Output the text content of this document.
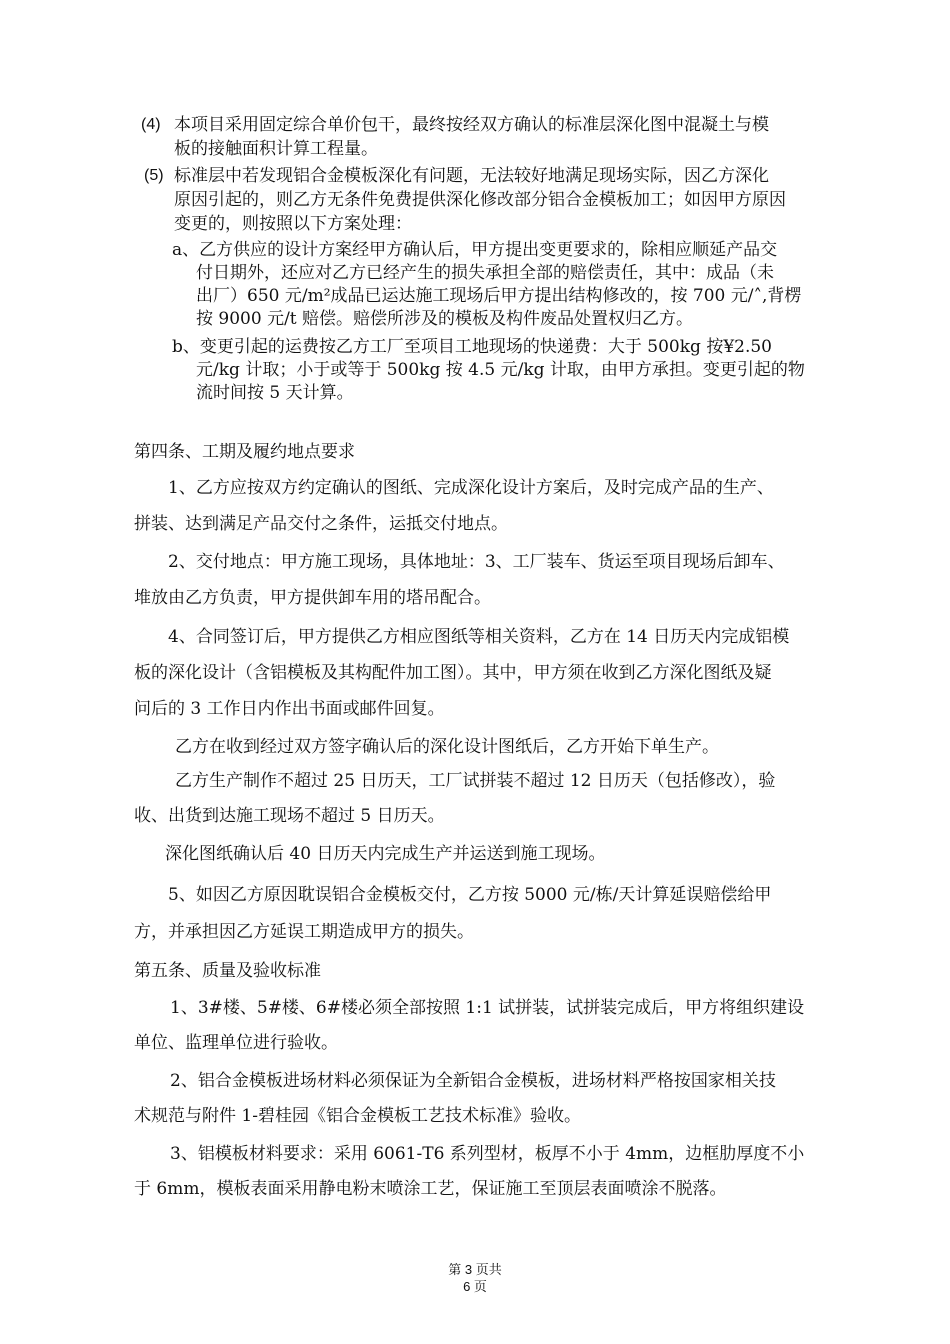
(4) 本项目采用固定综合单价包干，最终按经双方确认的标准层深化图中混凝土与模
板的接触面积计算工程量。
(5) 标准层中若发现铝合金模板深化有问题，无法较好地满足现场实际，因乙方深化
原因引起的，则乙方无条件免费提供深化修改部分铝合金模板加工；如因甲方原因
变更的，则按照以下方案处理：
a、乙方供应的设计方案经甲方确认后，甲方提出变更要求的，除相应顺延产品交
付日期外，还应对乙方已经产生的损失承担全部的赔偿责任，其中：成品（未
出厂）650 元/m²成品已运达施工现场后甲方提出结构修改的，按 700 元/˄,背楞
按 9000 元/t 赔偿。赔偿所涉及的模板及构件废品处置权归乙方。
b、变更引起的运费按乙方工厂至项目工地现场的快递费：大于 500kg 按¥2.50
元/kg 计取；小于或等于 500kg 按 4.5 元/kg 计取，由甲方承担。变更引起的物
流时间按 5 天计算。
第四条、工期及履约地点要求
1、乙方应按双方约定确认的图纸、完成深化设计方案后，及时完成产品的生产、
拼装、达到满足产品交付之条件，运抵交付地点。
2、交付地点：甲方施工现场，具体地址：3、工厂装车、货运至项目现场后卸车、
堆放由乙方负责，甲方提供卸车用的塔吊配合。
4、合同签订后，甲方提供乙方相应图纸等相关资料，乙方在 14 日历天内完成铝模
板的深化设计（含铝模板及其构配件加工图）。其中，甲方须在收到乙方深化图纸及疑
问后的 3 工作日内作出书面或邮件回复。
乙方在收到经过双方签字确认后的深化设计图纸后，乙方开始下单生产。
乙方生产制作不超过 25 日历天，工厂试拼装不超过 12 日历天（包括修改），验
收、出货到达施工现场不超过 5 日历天。
深化图纸确认后 40 日历天内完成生产并运送到施工现场。
5、如因乙方原因耽误铝合金模板交付，乙方按 5000 元/栋/天计算延误赔偿给甲
方，并承担因乙方延误工期造成甲方的损失。
第五条、质量及验收标准
1、3#楼、5#楼、6#楼必须全部按照 1:1 试拼装，试拼装完成后，甲方将组织建设
单位、监理单位进行验收。
2、铝合金模板进场材料必须保证为全新铝合金模板，进场材料严格按国家相关技
术规范与附件 1-碧桂园《铝合金模板工艺技术标准》验收。
3、铝模板材料要求：采用 6061-T6 系列型材，板厚不小于 4mm，边框肋厚度不小
于 6mm，模板表面采用静电粉末喷涂工艺，保证施工至顶层表面喷涂不脱落。
第 3 页共
6 页
